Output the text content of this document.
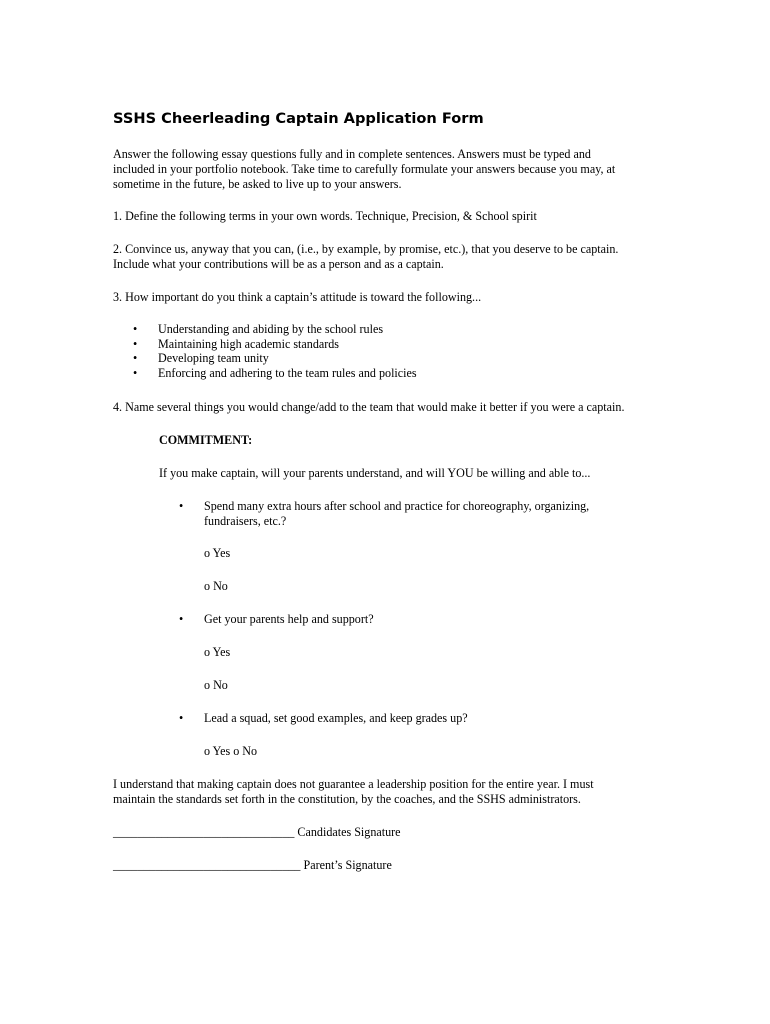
SSHS Cheerleading Captain Application Form

Answer the following essay questions fully and in complete sentences. Answers must be typed and

included in your portfolio notebook. Take time to carefully formulate your answers because you may, at

sometime in the future, be asked to live up to your answers.

1. Define the following terms in your own words. Technique, Precision, & School spirit

2. Convince us, anyway that you can, (i.e., by example, by promise, etc.), that you deserve to be captain.

Include what your contributions will be as a person and as a captain.

3. How important do you think a captain’s attitude is toward the following...

• Understanding and abiding by the school rules
• Maintaining high academic standards
• Developing team unity
• Enforcing and adhering to the team rules and policies

4. Name several things you would change/add to the team that would make it better if you were a captain.

COMMITMENT:

If you make captain, will your parents understand, and will YOU be willing and able to...

• Spend many extra hours after school and practice for choreography, organizing,

fundraisers, etc.?

o Yes

o No

• Get your parents help and support?

o Yes

o No

• Lead a squad, set good examples, and keep grades up?

o Yes o No

I understand that making captain does not guarantee a leadership position for the entire year. I must

maintain the standards set forth in the constitution, by the coaches, and the SSHS administrators.

______________________________ Candidates Signature

_______________________________ Parent’s Signature
